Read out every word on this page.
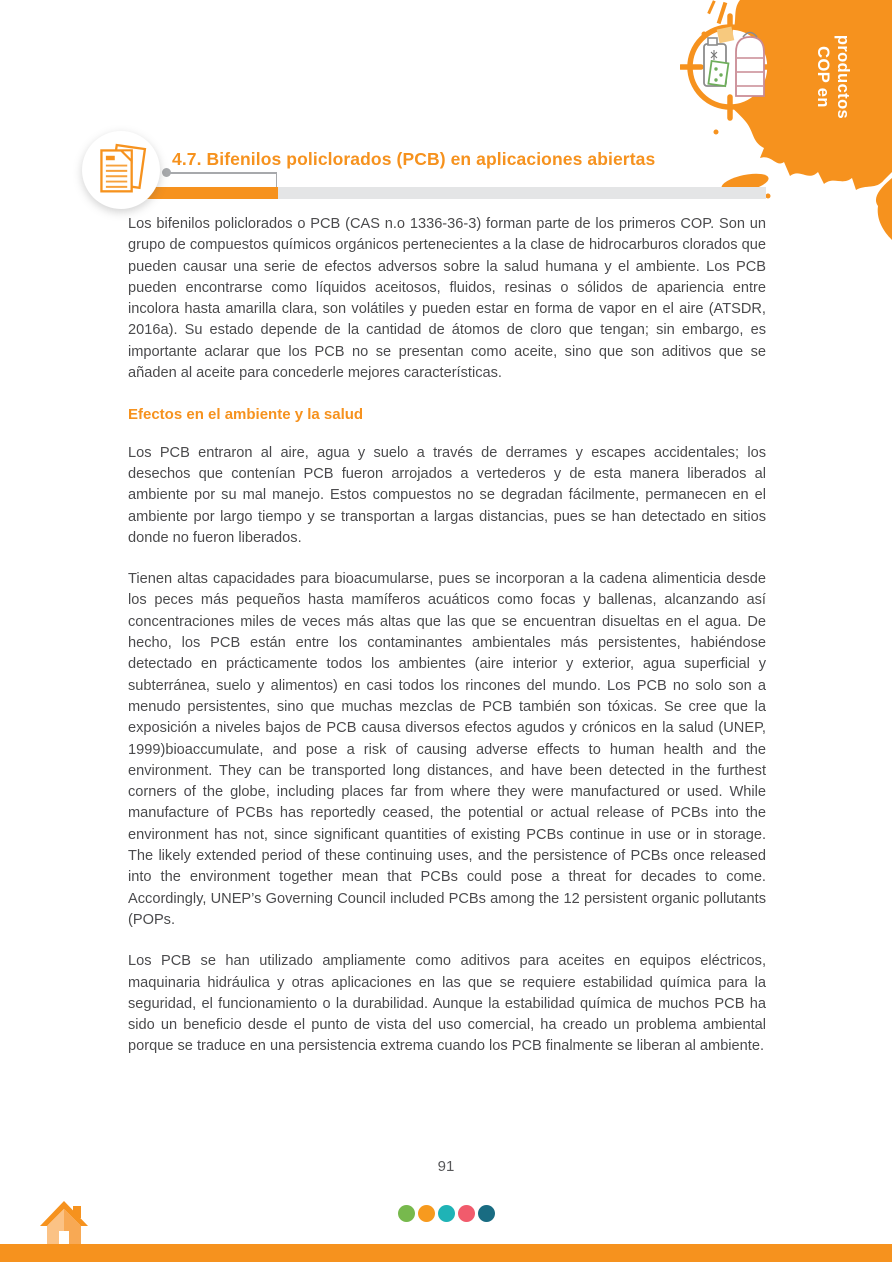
productos
COP en
4.7. Bifenilos policlorados (PCB) en aplicaciones abiertas

Los bifenilos policlorados o PCB (CAS n.o 1336-36-3) forman parte de los primeros COP. Son un grupo de compuestos químicos orgánicos pertenecientes a la clase de hidrocarburos clorados que pueden causar una serie de efectos adversos sobre la salud humana y el ambiente. Los PCB pueden encontrarse como líquidos aceitosos, fluidos, resinas o sólidos de apariencia entre incolora hasta amarilla clara, son volátiles y pueden estar en forma de vapor en el aire (ATSDR, 2016a). Su estado depende de la cantidad de átomos de cloro que tengan; sin embargo, es importante aclarar que los PCB no se presentan como aceite, sino que son aditivos que se añaden al aceite para concederle mejores características.

Efectos en el ambiente y la salud

Los PCB entraron al aire, agua y suelo a través de derrames y escapes accidentales; los desechos que contenían PCB fueron arrojados a vertederos y de esta manera liberados al ambiente por su mal manejo. Estos compuestos no se degradan fácilmente, permanecen en el ambiente por largo tiempo y se transportan a largas distancias, pues se han detectado en sitios donde no fueron liberados.

Tienen altas capacidades para bioacumularse, pues se incorporan a la cadena alimenticia desde los peces más pequeños hasta mamíferos acuáticos como focas y ballenas, alcanzando así concentraciones miles de veces más altas que las que se encuentran disueltas en el agua. De hecho, los PCB están entre los contaminantes ambientales más persistentes, habiéndose detectado en prácticamente todos los ambientes (aire interior y exterior, agua superficial y subterránea, suelo y alimentos) en casi todos los rincones del mundo. Los PCB no solo son a menudo persistentes, sino que muchas mezclas de PCB también son tóxicas. Se cree que la exposición a niveles bajos de PCB causa diversos efectos agudos y crónicos en la salud (UNEP, 1999)bioaccumulate, and pose a risk of causing adverse effects to human health and the environment. They can be transported long distances, and have been detected in the furthest corners of the globe, including places far from where they were manufactured or used. While manufacture of PCBs has reportedly ceased, the potential or actual release of PCBs into the environment has not, since significant quantities of existing PCBs continue in use or in storage. The likely extended period of these continuing uses, and the persistence of PCBs once released into the environment together mean that PCBs could pose a threat for decades to come. Accordingly, UNEP’s Governing Council included PCBs among the 12 persistent organic pollutants (POPs.

Los PCB se han utilizado ampliamente como aditivos para aceites en equipos eléctricos, maquinaria hidráulica y otras aplicaciones en las que se requiere estabilidad química para la seguridad, el funcionamiento o la durabilidad. Aunque la estabilidad química de muchos PCB ha sido un beneficio desde el punto de vista del uso comercial, ha creado un problema ambiental porque se traduce en una persistencia extrema cuando los PCB finalmente se liberan al ambiente.

91
